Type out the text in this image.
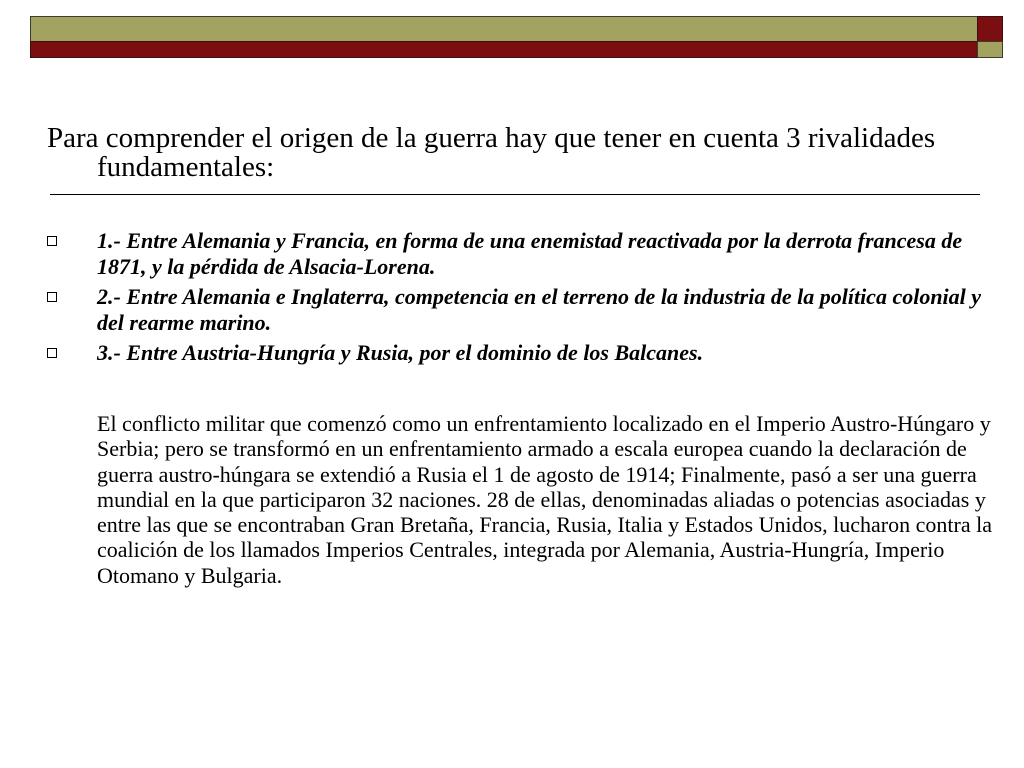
Para comprender el origen de la guerra hay que tener en cuenta 3 rivalidades fundamentales:

1.- Entre Alemania y Francia, en forma de una enemistad reactivada por la derrota francesa de 1871, y la pérdida de Alsacia-Lorena.
2.- Entre Alemania e Inglaterra, competencia en el terreno de la industria de la política colonial y del rearme marino.
3.- Entre Austria-Hungría y Rusia, por el dominio de los Balcanes.

El conflicto militar que comenzó como un enfrentamiento localizado en el Imperio Austro-Húngaro y Serbia; pero se transformó en un enfrentamiento armado a escala europea cuando la declaración de guerra austro-húngara se extendió a Rusia el 1 de agosto de 1914; Finalmente, pasó a ser una guerra mundial en la que participaron 32 naciones. 28 de ellas, denominadas aliadas o potencias asociadas y entre las que se encontraban Gran Bretaña, Francia, Rusia, Italia y Estados Unidos, lucharon contra la coalición de los llamados Imperios Centrales, integrada por Alemania, Austria-Hungría, Imperio Otomano y Bulgaria.
